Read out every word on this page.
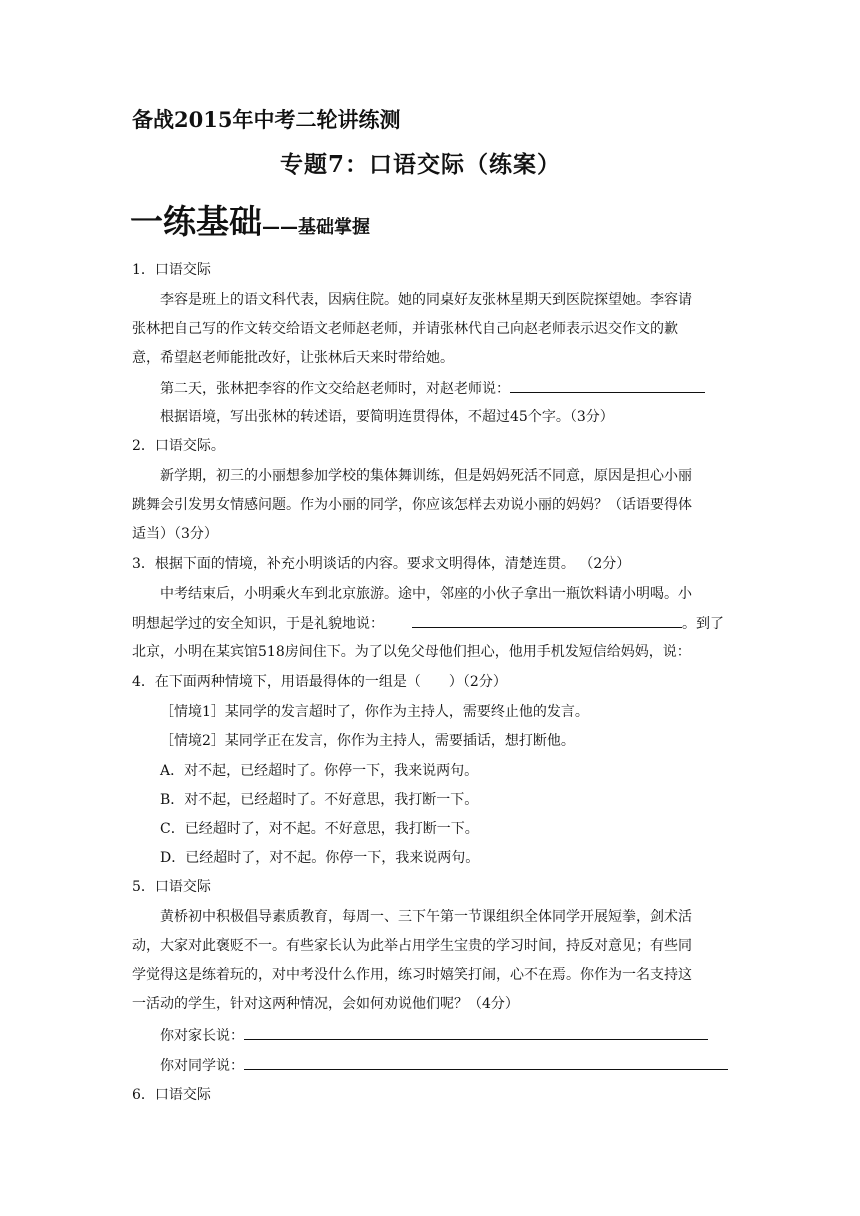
备战2015年中考二轮讲练测
专题7：口语交际（练案）
一练基础——基础掌握
1．口语交际
李容是班上的语文科代表，因病住院。她的同桌好友张林星期天到医院探望她。李容请
张林把自己写的作文转交给语文老师赵老师，并请张林代自己向赵老师表示迟交作文的歉
意，希望赵老师能批改好，让张林后天来时带给她。
第二天，张林把李容的作文交给赵老师时，对赵老师说：
根据语境，写出张林的转述语，要简明连贯得体，不超过45个字。（3分）
2．口语交际。
新学期，初三的小丽想参加学校的集体舞训练，但是妈妈死活不同意，原因是担心小丽
跳舞会引发男女情感问题。作为小丽的同学，你应该怎样去劝说小丽的妈妈？（话语要得体
适当）（3分）
3．根据下面的情境，补充小明谈话的内容。要求文明得体，清楚连贯。 （2分）
中考结束后，小明乘火车到北京旅游。途中，邻座的小伙子拿出一瓶饮料请小明喝。小
明想起学过的安全知识，于是礼貌地说：	。到了
北京，小明在某宾馆518房间住下。为了以免父母他们担心，他用手机发短信给妈妈，说：
4．在下面两种情境下，用语最得体的一组是（　　）（2分）
［情境1］某同学的发言超时了，你作为主持人，需要终止他的发言。
［情境2］某同学正在发言，你作为主持人，需要插话，想打断他。
A．对不起，已经超时了。你停一下，我来说两句。
B．对不起，已经超时了。不好意思，我打断一下。
C．已经超时了，对不起。不好意思，我打断一下。
D．已经超时了，对不起。你停一下，我来说两句。
5．口语交际
黄桥初中积极倡导素质教育，每周一、三下午第一节课组织全体同学开展短拳，剑术活
动，大家对此褒贬不一。有些家长认为此举占用学生宝贵的学习时间，持反对意见；有些同
学觉得这是练着玩的，对中考没什么作用，练习时嬉笑打闹，心不在焉。你作为一名支持这
一活动的学生，针对这两种情况，会如何劝说他们呢？（4分）
你对家长说：
你对同学说：
6．口语交际
